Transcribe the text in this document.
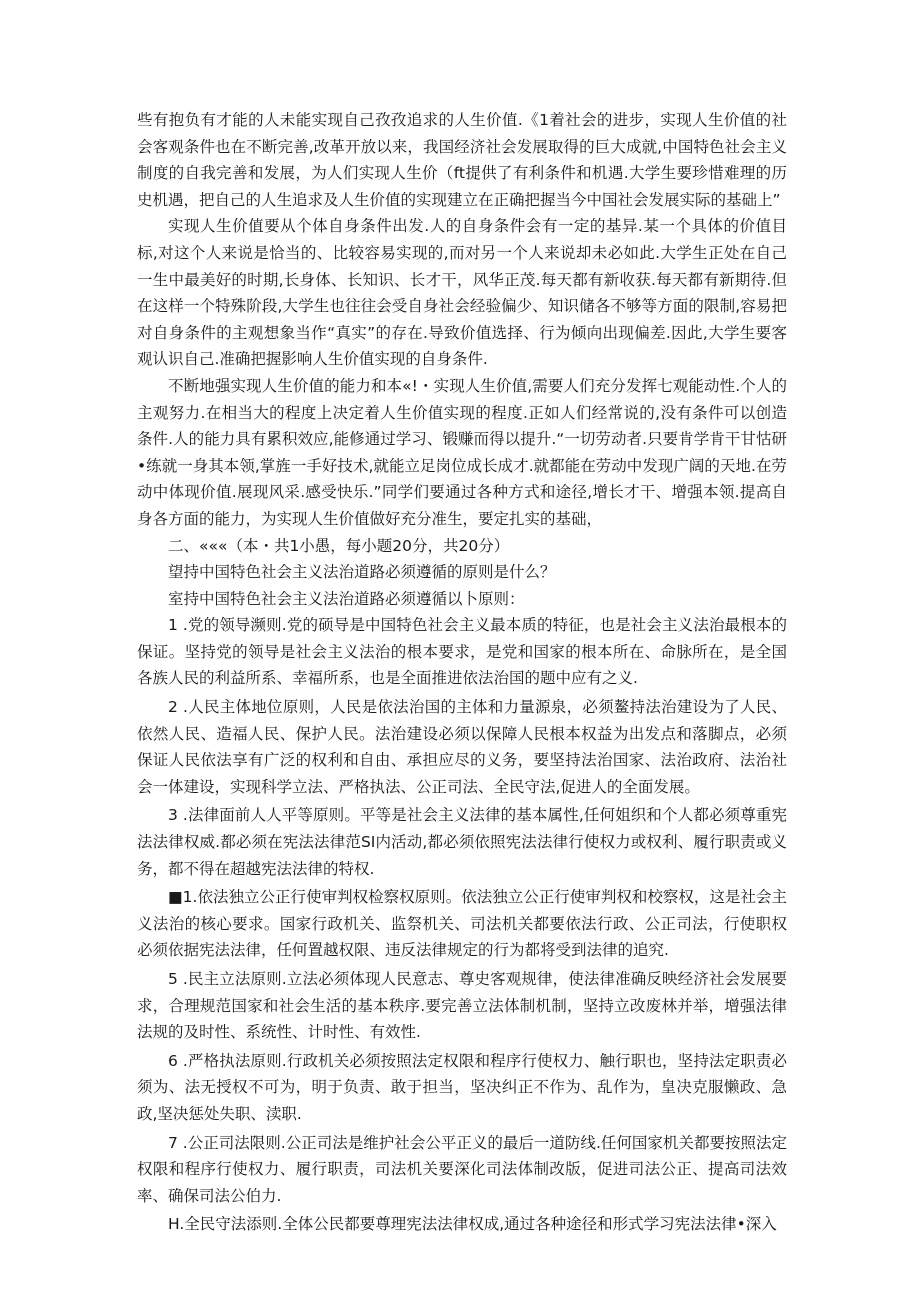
些有抱负有才能的人未能实现自己孜孜追求的人生价值.《1着社会的进步，实现人生价值的社会客观条件也在不断完善,改革开放以来，我国经济社会发展取得的巨大成就,中国特色社会主义制度的自我完善和发展，为人们实现人生价（ft提供了有利条件和机遇.大学生要珍惜难理的历史机遇，把自己的人生追求及人生价值的实现建立在正确把握当今中国社会发展实际的基础上”

实现人生价值要从个体自身条件出发.人的自身条件会有一定的基异.某一个具体的价值目标,对这个人来说是恰当的、比较容易实现的,而对另一个人来说却未必如此.大学生正处在自己一生中最美好的时期,长身体、长知识、长才干，风华正茂.每天都有新收获.每天都有新期待.但在这样一个特殊阶段,大学生也往往会受自身社会经验偏少、知识储各不够等方面的限制,容易把对自身条件的主观想象当作“真实”的存在.导致价值选择、行为倾向出现偏差.因此,大学生要客观认识自己.准确把握影响人生价值实现的自身条件.

不断地强实现人生价值的能力和本«!・实现人生价值,需要人们充分发挥七观能动性.个人的主观努力.在相当大的程度上决定着人生价值实现的程度.正如人们经常说的,没有条件可以创造条件.人的能力具有累积效应,能修通过学习、锻赚而得以提升.“一切劳动者.只要肯学肯干甘怙研•练就一身其本领,掌旌一手好技术,就能立足岗位成长成才.就都能在劳动中发现广阔的天地.在劳动中体现价值.展现风采.感受快乐.”同学们要通过各种方式和途径,增长才干、增强本领.提高自身各方面的能力，为实现人生价值做好充分准生，要定扎实的基础，

二、«««（本・共1小愚，每小题20分，共20分）

望持中国特色社会主义法治道路必须遵循的原则是什么？

室持中国特色社会主义法治道路必须遵循以卜原则：

1 .党的领导濒则.党的硕导是中国特色社会主义最本质的特征，也是社会主义法治最根本的保证。坚持党的领导是社会主义法治的根本要求，是党和国家的根本所在、命脉所在，是全国各族人民的利益所系、幸福所系，也是全面推进依法治国的题中应有之义.

2 .人民主体地位原则，人民是依法治国的主体和力量源泉，必须鳌持法治建设为了人民、依然人民、造福人民、保护人民。法治建设必须以保障人民根本权益为出发点和落脚点，必须保证人民依法享有广泛的权利和自由、承担应尽的义务，要坚持法治国家、法治政府、法治社会一体建设，实现科学立法、严格执法、公正司法、全民守法,促进人的全面发展。

3 .法律面前人人平等原则。平等是社会主义法律的基本属性,任何姐织和个人都必须尊重宪法法律权威.都必须在宪法法律范SI内活动,都必须依照宪法法律行使权力或权利、履行职责或义务，都不得在超越宪法法律的特权.

■1.依法独立公正行使审判权检察权原则。依法独立公正行使审判权和校察权，这是社会主义法治的核心要求。国家行政机关、监祭机关、司法机关都要依法行政、公正司法，行使职权必须依据宪法法律，任何置越权限、违反法律规定的行为都将受到法律的追究.

5 .民主立法原则.立法必须体现人民意志、尊史客观规律，使法律准确反映经济社会发展要求，合理规范国家和社会生活的基本秩序.要完善立法体制机制，坚持立改废林并举，增强法律法规的及时性、系统性、计时性、有效性.

6 .严格执法原则.行政机关必须按照法定权限和程序行使权力、触行职也，坚持法定职责必须为、法无授权不可为，明于负责、敢于担当，坚决纠正不作为、乱作为，皇决克服懒政、急政,坚决惩处失职、渎职.

7 .公正司法限则.公正司法是维护社会公平正义的最后一道防线.任何国家机关都要按照法定权限和程序行使权力、履行职责，司法机关要深化司法体制改版，促进司法公正、提高司法效率、确保司法公伯力.

H.全民守法添则.全体公民都要尊理宪法法律权成,通过各种途径和形式学习宪法法律•深入
